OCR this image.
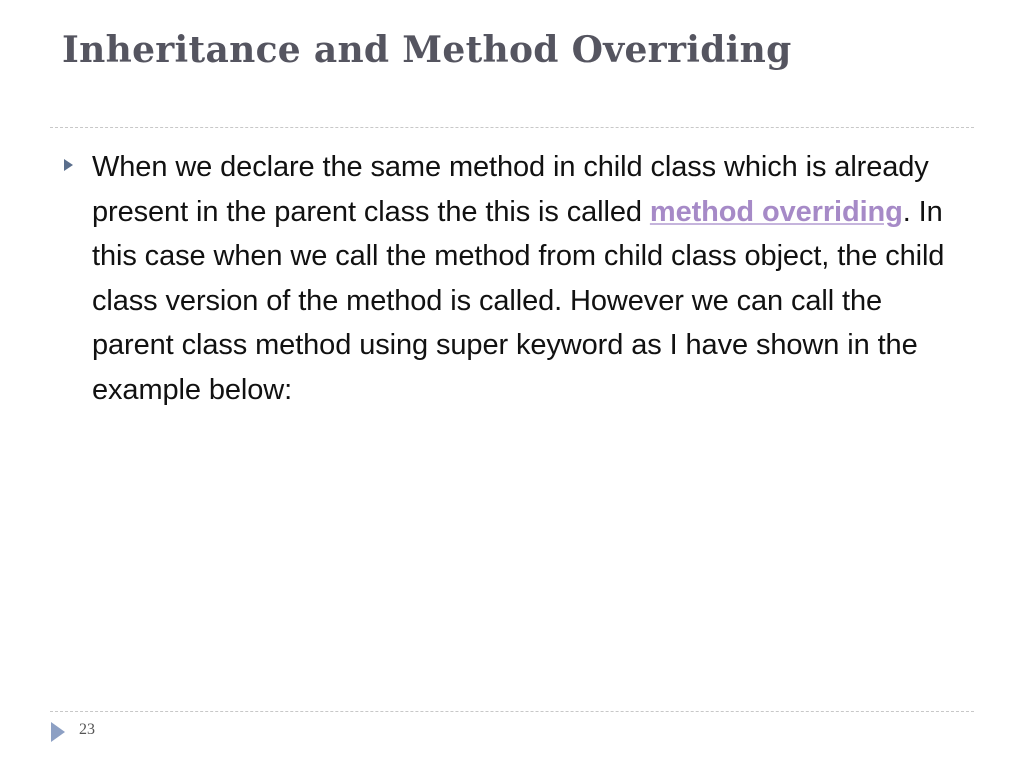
Inheritance and Method Overriding

When we declare the same method in child class which is already present in the parent class the this is called method overriding. In this case when we call the method from child class object, the child class version of the method is called. However we can call the parent class method using super keyword as I have shown in the example below:

23
